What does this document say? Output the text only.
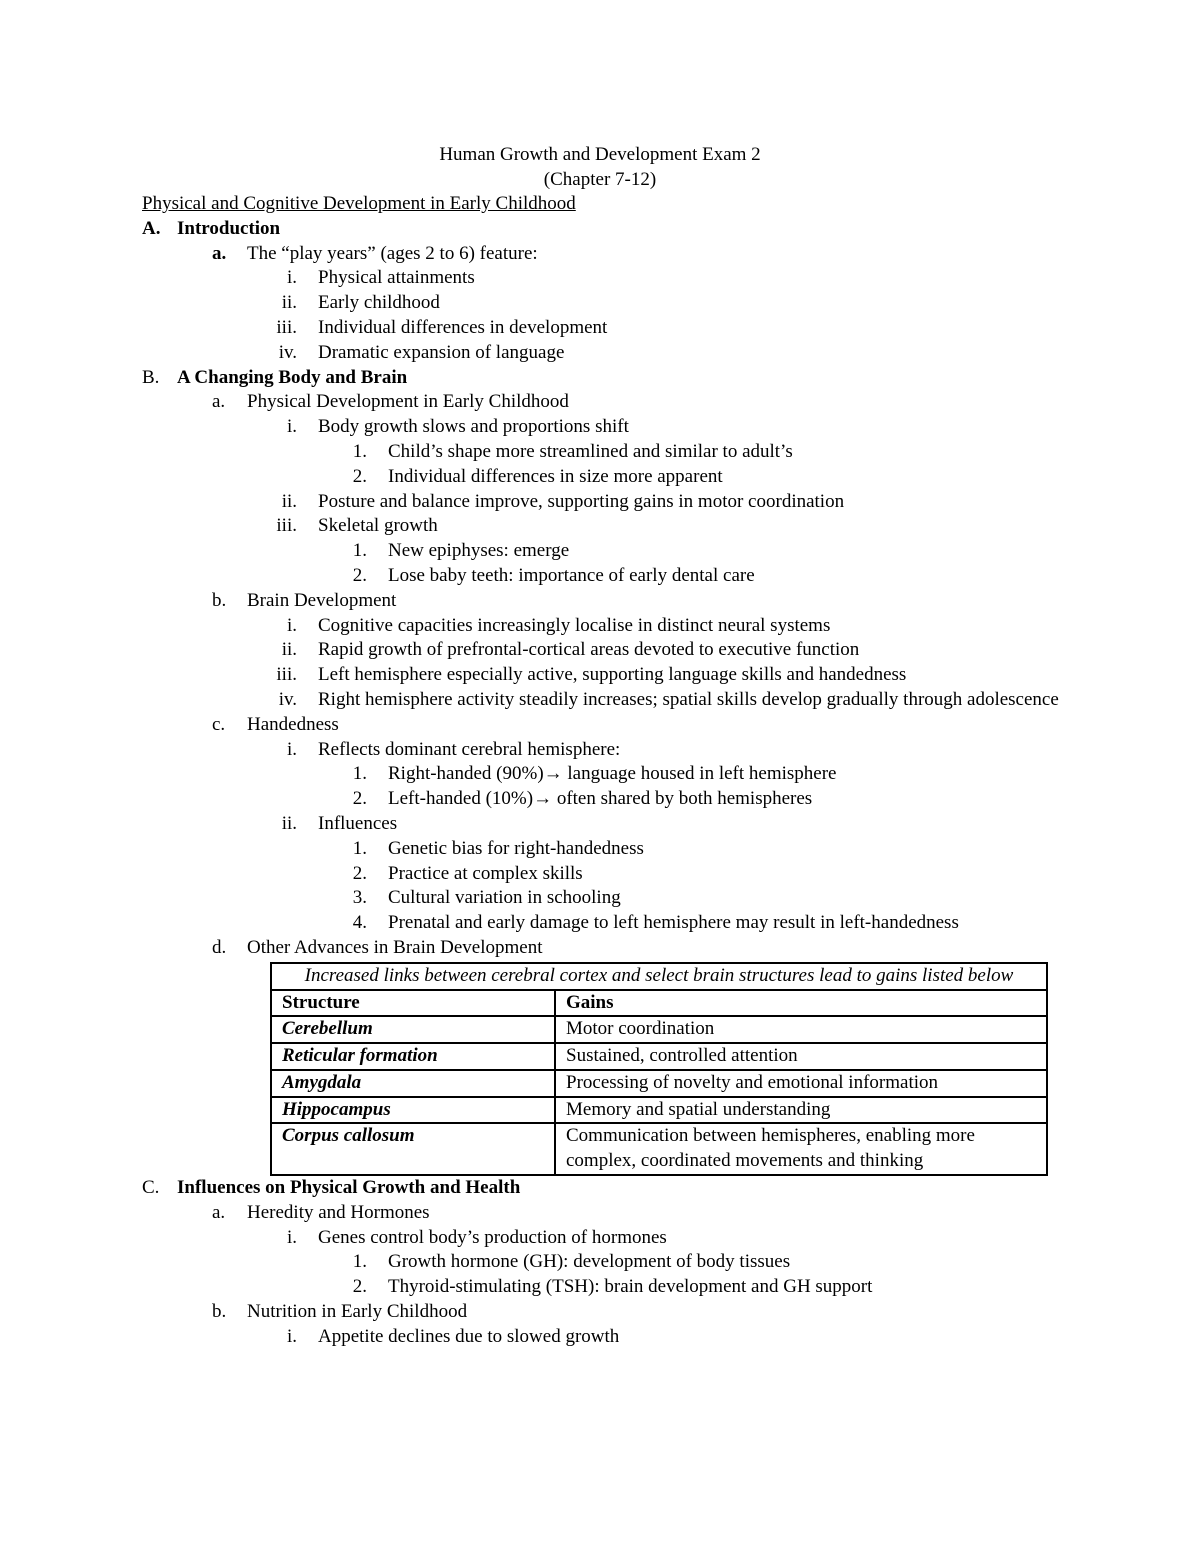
Human Growth and Development Exam 2
(Chapter 7-12)
Physical and Cognitive Development in Early Childhood
A. Introduction
a.	The “play years” (ages 2 to 6) feature:
i. Physical attainments
ii. Early childhood
iii. Individual differences in development
iv. Dramatic expansion of language
B. A Changing Body and Brain
a.	Physical Development in Early Childhood
i. Body growth slows and proportions shift
1. Child’s shape more streamlined and similar to adult’s
2. Individual differences in size more apparent
ii. Posture and balance improve, supporting gains in motor coordination
iii. Skeletal growth
1. New epiphyses: emerge
2. Lose baby teeth: importance of early dental care
b.	Brain Development
i. Cognitive capacities increasingly localise in distinct neural systems
ii. Rapid growth of prefrontal-cortical areas devoted to executive function
iii. Left hemisphere especially active, supporting language skills and handedness
iv. Right hemisphere activity steadily increases; spatial skills develop gradually through adolescence
c.	Handedness
i. Reflects dominant cerebral hemisphere:
1. Right-handed (90%)→ language housed in left hemisphere
2. Left-handed (10%)→ often shared by both hemispheres
ii. Influences
1. Genetic bias for right-handedness
2. Practice at complex skills
3. Cultural variation in schooling
4. Prenatal and early damage to left hemisphere may result in left-handedness
d.	Other Advances in Brain Development
Increased links between cerebral cortex and select brain structures lead to gains listed below	
Structure	Gains
Cerebellum	Motor coordination
Reticular formation	Sustained, controlled attention
Amygdala	Processing of novelty and emotional information
Hippocampus	Memory and spatial understanding
Corpus callosum	Communication between hemispheres, enabling more complex, coordinated movements and thinking
C. Influences on Physical Growth and Health
a.	Heredity and Hormones
i. Genes control body’s production of hormones
1. Growth hormone (GH): development of body tissues
2. Thyroid-stimulating (TSH): brain development and GH support
b.	Nutrition in Early Childhood
i. Appetite declines due to slowed growth
